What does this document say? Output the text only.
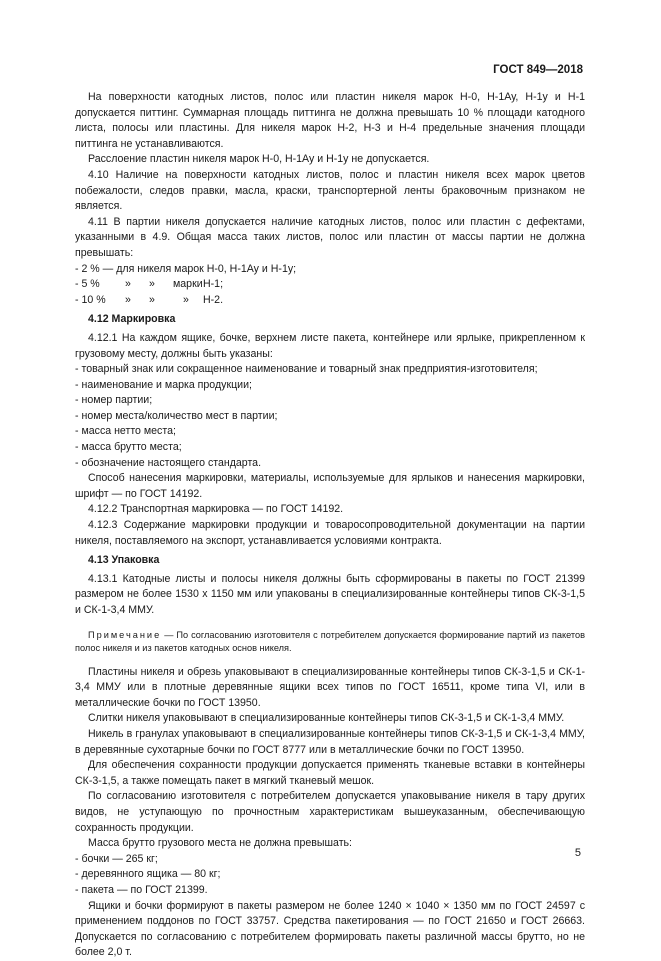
ГОСТ 849—2018

На поверхности катодных листов, полос или пластин никеля марок Н-0, Н-1Ау, Н-1у и Н-1 допускается питтинг. Суммарная площадь питтинга не должна превышать 10 % площади катодного листа, полосы или пластины. Для никеля марок Н-2, Н-3 и Н-4 предельные значения площади питтинга не устанавливаются.

Расслоение пластин никеля марок Н-0, Н-1Ау и Н-1у не допускается.

4.10 Наличие на поверхности катодных листов, полос и пластин никеля всех марок цветов побежалости, следов правки, масла, краски, транспортерной ленты браковочным признаком не является.

4.11 В партии никеля допускается наличие катодных листов, полос или пластин с дефектами, указанными в 4.9. Общая масса таких листов, полос или пластин от массы партии не должна превышать:

- 2 % — для никеля марок Н-0, Н-1Ау и Н-1у;

- 5 %	»	»	марки Н-1;
- 10 %	»	»	»	Н-2.

4.12 Маркировка

4.12.1 На каждом ящике, бочке, верхнем листе пакета, контейнере или ярлыке, прикрепленном к грузовому месту, должны быть указаны:

- товарный знак или сокращенное наименование и товарный знак предприятия-изготовителя;

- наименование и марка продукции;

- номер партии;

- номер места/количество мест в партии;

- масса нетто места;

- масса брутто места;

- обозначение настоящего стандарта.

Способ нанесения маркировки, материалы, используемые для ярлыков и нанесения маркировки, шрифт — по ГОСТ 14192.

4.12.2 Транспортная маркировка — по ГОСТ 14192.

4.12.3 Содержание маркировки продукции и товаросопроводительной документации на партии никеля, поставляемого на экспорт, устанавливается условиями контракта.

4.13 Упаковка

4.13.1 Катодные листы и полосы никеля должны быть сформированы в пакеты по ГОСТ 21399 размером не более 1530 х 1150 мм или упакованы в специализированные контейнеры типов СК-3-1,5 и СК-1-3,4 ММУ.

Примечание — По согласованию изготовителя с потребителем допускается формирование партий из пакетов полос никеля и из пакетов катодных основ никеля.

Пластины никеля и обрезь упаковывают в специализированные контейнеры типов СК-3-1,5 и СК-1-3,4 ММУ или в плотные деревянные ящики всех типов по ГОСТ 16511, кроме типа VI, или в металлические бочки по ГОСТ 13950.

Слитки никеля упаковывают в специализированные контейнеры типов СК-3-1,5 и СК-1-3,4 ММУ.

Никель в гранулах упаковывают в специализированные контейнеры типов СК-3-1,5 и СК-1-3,4 ММУ, в деревянные сухотарные бочки по ГОСТ 8777 или в металлические бочки по ГОСТ 13950.

Для обеспечения сохранности продукции допускается применять тканевые вставки в контейнеры СК-3-1,5, а также помещать пакет в мягкий тканевый мешок.

По согласованию изготовителя с потребителем допускается упаковывание никеля в тару других видов, не уступающую по прочностным характеристикам вышеуказанным, обеспечивающую сохранность продукции.

Масса брутто грузового места не должна превышать:

- бочки — 265 кг;

- деревянного ящика — 80 кг;

- пакета — по ГОСТ 21399.

Ящики и бочки формируют в пакеты размером не более 1240 × 1040 × 1350 мм по ГОСТ 24597 с применением поддонов по ГОСТ 33757. Средства пакетирования — по ГОСТ 21650 и ГОСТ 26663. Допускается по согласованию с потребителем формировать пакеты различной массы брутто, но не более 2,0 т.

5
